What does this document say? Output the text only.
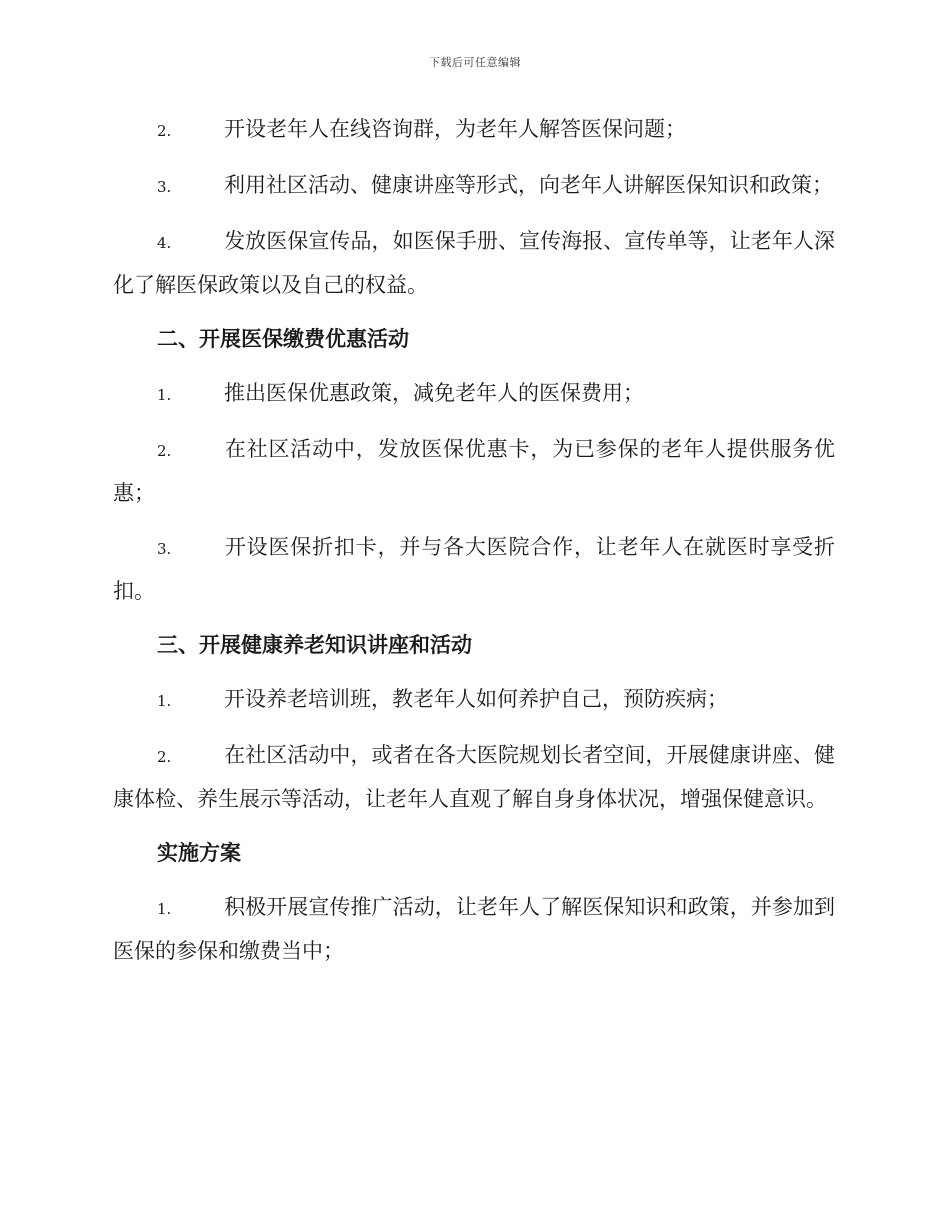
下载后可任意编辑

2.	开设老年人在线咨询群，为老年人解答医保问题；

3.	利用社区活动、健康讲座等形式，向老年人讲解医保知识和政策；

4.	发放医保宣传品，如医保手册、宣传海报、宣传单等，让老年人深化了解医保政策以及自己的权益。

二、开展医保缴费优惠活动

1.	推出医保优惠政策，减免老年人的医保费用；

2.	在社区活动中，发放医保优惠卡，为已参保的老年人提供服务优惠；

3.	开设医保折扣卡，并与各大医院合作，让老年人在就医时享受折扣。

三、开展健康养老知识讲座和活动

1.	开设养老培训班，教老年人如何养护自己，预防疾病；

2.	在社区活动中，或者在各大医院规划长者空间，开展健康讲座、健康体检、养生展示等活动，让老年人直观了解自身身体状况，增强保健意识。

实施方案

1.	积极开展宣传推广活动，让老年人了解医保知识和政策，并参加到医保的参保和缴费当中；
